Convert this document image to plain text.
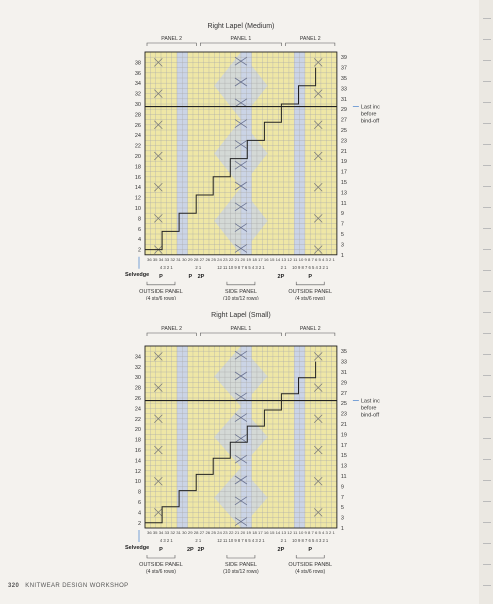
Right Lapel (Medium)
PANEL 2	PANEL 1	PANEL 2
38
36
34
32
30
28
26
24
22
20
18
16
14
12
10
8
6
4
2
39
37
35
33
31
29
27
25
23
21
19
17
15
13
11
9
7
5
3
1
Last inc
before
bind-off
36 35 34 33 32 31 30 29 28 27 26 25 24 23 22 21 20 19 18 17 16 15 14 13 12 11 10 9 8 7 6 5 4 3 2 1
4 3 2 1	2 1	12 11 10 9 8 7 6 5 4 3 2 1	2 1 10 9 8 7 6 5 4 3 2 1
P	P 2P	2P	P
Selvedge
OUTSIDE PANEL
(4 sts/6 rows)
SIDE PANEL
(10 sts/12 rows)
OUTSIDE PANEL
(4 sts/6 rows)
Right Lapel (Small)
PANEL 2	PANEL 1	PANEL 2
34
32
30
28
26
24
22
20
18
16
14
12
10
8
6
4
2
35
33
31
29
27
25
23
21
19
17
15
13
11
9
7
5
3
1
Last inc
before
bind-off
36 35 34 33 32 31 30 29 28 27 26 25 24 23 22 21 20 19 18 17 16 15 14 13 12 11 10 9 8 7 6 5 4 3 2 1
4 3 2 1	2 1	12 11 10 9 8 7 6 5 4 3 2 1	2 1 10 9 8 7 6 5 4 3 2 1
P	2P 2P	2P	P
Selvedge
OUTSIDE PANEL
(4 sts/6 rows)
SIDE PANEL
(10 sts/12 rows)
OUTSIDE PANBL
(4 sts/6 rows)
320 KNITWEAR DESIGN WORKSHOP
